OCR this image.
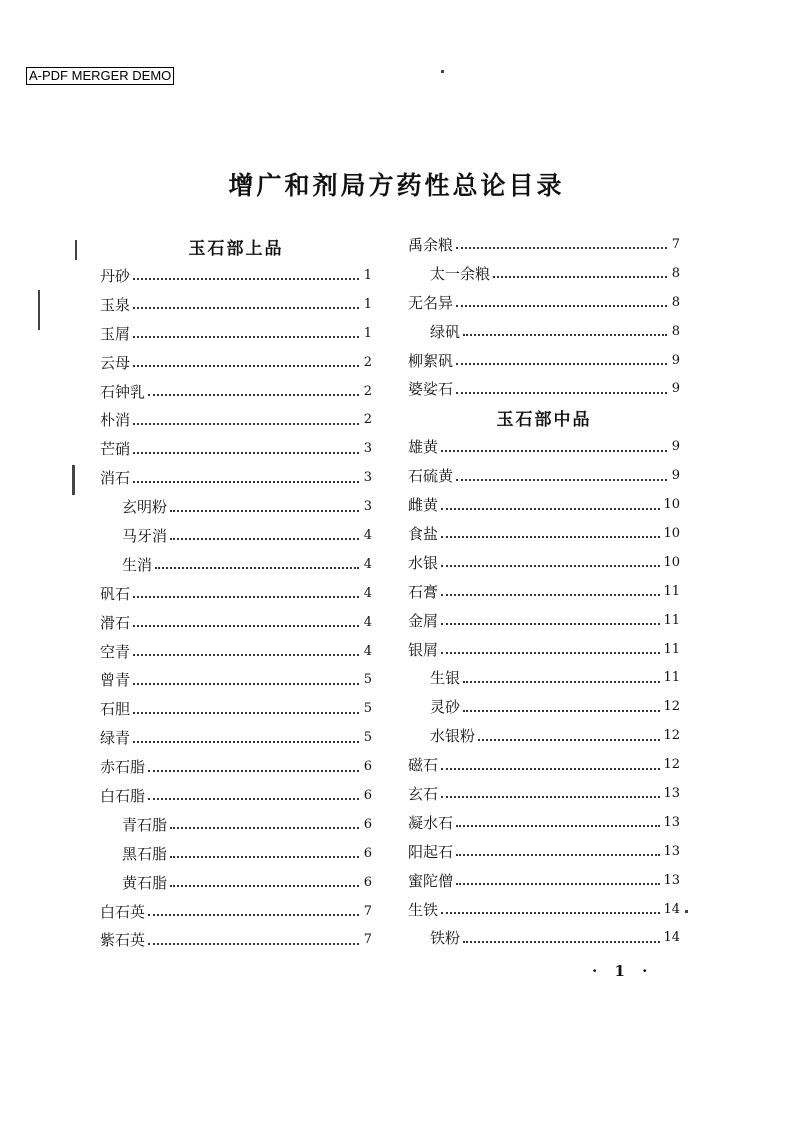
A-PDF MERGER DEMO
增广和剂局方药性总论目录
玉石部上品
丹砂	1
玉泉	1
玉屑	1
云母	2
石钟乳	2
朴消	2
芒硝	3
消石	3
玄明粉	3
马牙消	4
生消	4
矾石	4
滑石	4
空青	4
曾青	5
石胆	5
绿青	5
赤石脂	6
白石脂	6
青石脂	6
黑石脂	6
黄石脂	6
白石英	7
紫石英	7
禹余粮	7
太一余粮	8
无名异	8
绿矾	8
柳絮矾	9
婆娑石	9
玉石部中品
雄黄	9
石硫黄	9
雌黄	10
食盐	10
水银	10
石膏	11
金屑	11
银屑	11
生银	11
灵砂	12
水银粉	12
磁石	12
玄石	13
凝水石	13
阳起石	13
蜜陀僧	13
生铁	14
铁粉	14
· 1 ·
